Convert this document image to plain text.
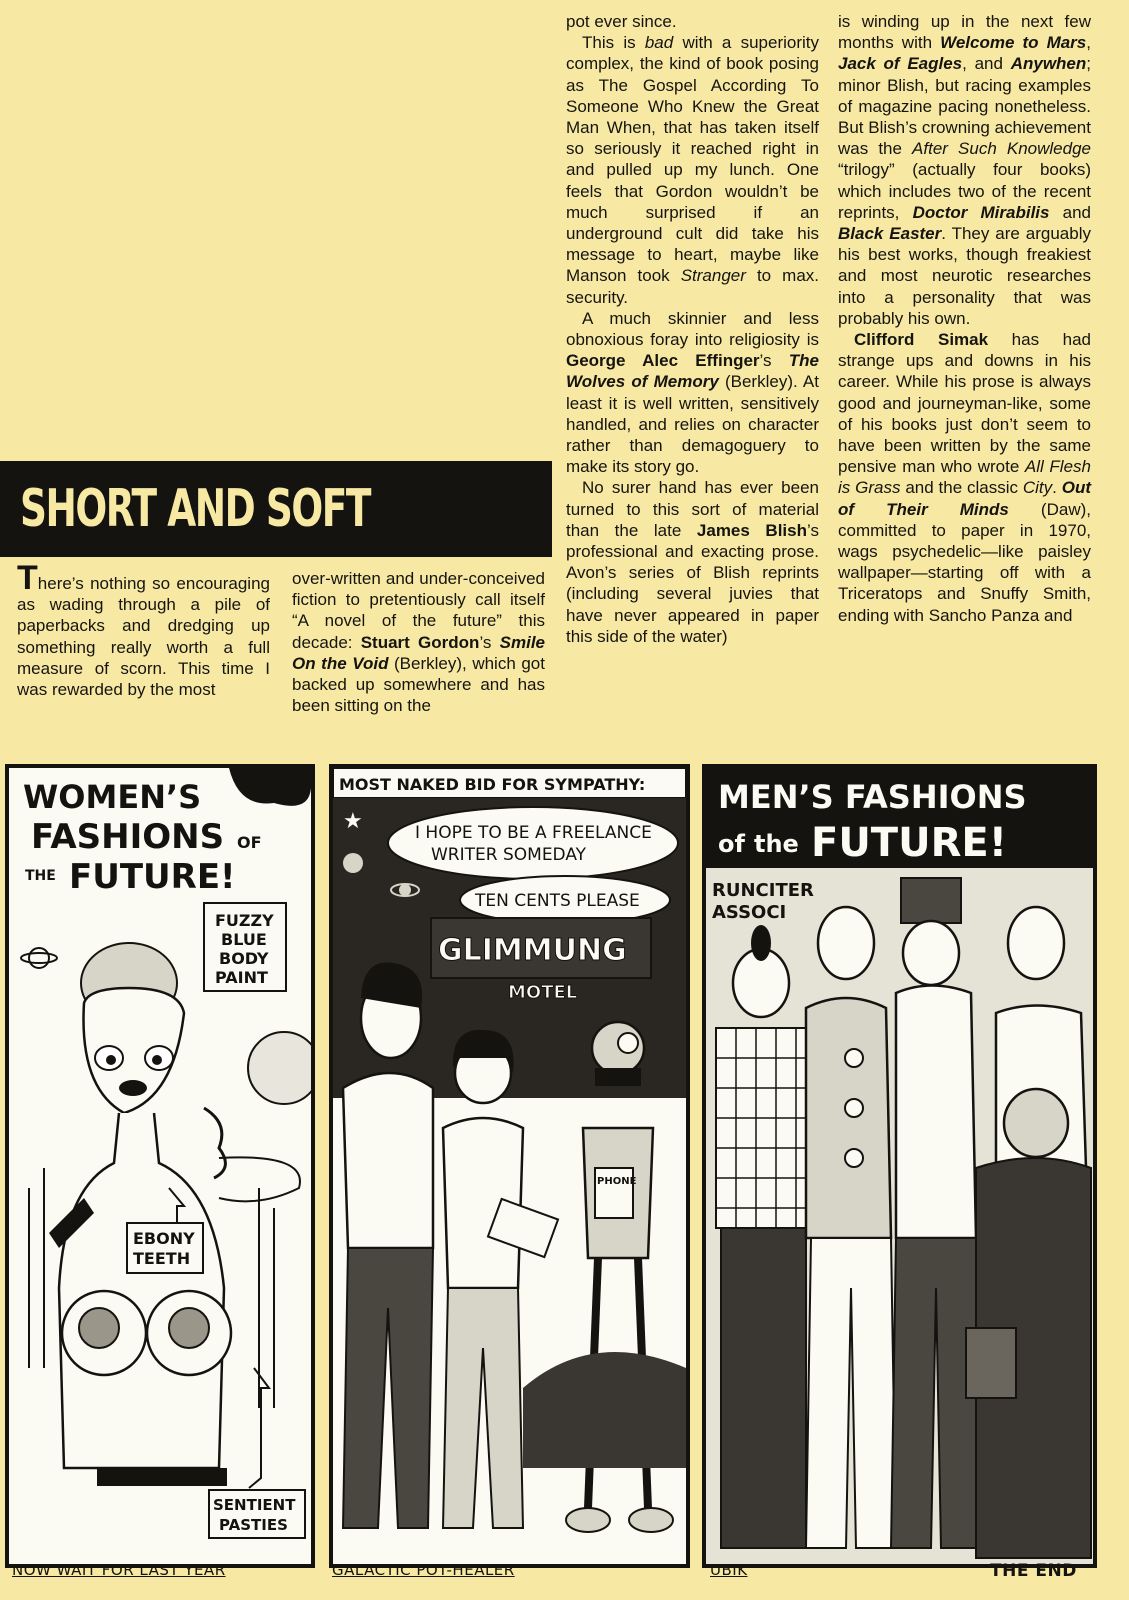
SHORT AND SOFT

There’s nothing so encouraging as wading through a pile of paperbacks and dredging up something really worth a full measure of scorn. This time I was rewarded by the most

over-written and under-conceived fiction to pretentiously call itself “A novel of the future” this decade: Stuart Gordon’s Smile On the Void (Berkley), which got backed up somewhere and has been sitting on the

pot ever since.

This is bad with a superiority complex, the kind of book posing as The Gospel According To Someone Who Knew the Great Man When, that has taken itself so seriously it reached right in and pulled up my lunch. One feels that Gordon wouldn’t be much surprised if an underground cult did take his message to heart, maybe like Manson took Stranger to max. security.

A much skinnier and less obnoxious foray into religiosity is George Alec Effinger’s The Wolves of Memory (Berkley). At least it is well written, sensitively handled, and relies on character rather than demagoguery to make its story go.

No surer hand has ever been turned to this sort of material than the late James Blish’s professional and exacting prose. Avon’s series of Blish reprints (including several juvies that have never appeared in paper this side of the water)

is winding up in the next few months with Welcome to Mars, Jack of Eagles, and Anywhen; minor Blish, but racing examples of magazine pacing nonetheless. But Blish’s crowning achievement was the After Such Knowledge “trilogy” (actually four books) which includes two of the recent reprints, Doctor Mirabilis and Black Easter. They are arguably his best works, though freakiest and most neurotic researches into a personality that was probably his own.

Clifford Simak has had strange ups and downs in his career. While his prose is always good and journeyman-like, some of his books just don’t seem to have been written by the same pensive man who wrote All Flesh is Grass and the classic City. Out of Their Minds (Daw), committed to paper in 1970, wags psychedelic—like paisley wallpaper—starting off with a Triceratops and Snuffy Smith, ending with Sancho Panza and

WOMEN’S
FASHIONS OF
THE FUTURE!
FUZZY
BLUE
BODY
PAINT
EBONY
TEETH
SENTIENT
PASTIES
MOST NAKED BID FOR SYMPATHY:
★	I HOPE TO BE A FREELANCE
WRITER SOMEDAY
TEN CENTS PLEASE
GLIMMUNG
MOTEL
PHONE
MEN’S FASHIONS
of the FUTURE!
RUNCITER
ASSOCI
NOW WAIT FOR LAST YEAR	GALACTIC POT-HEALER	UBIK	THE END
